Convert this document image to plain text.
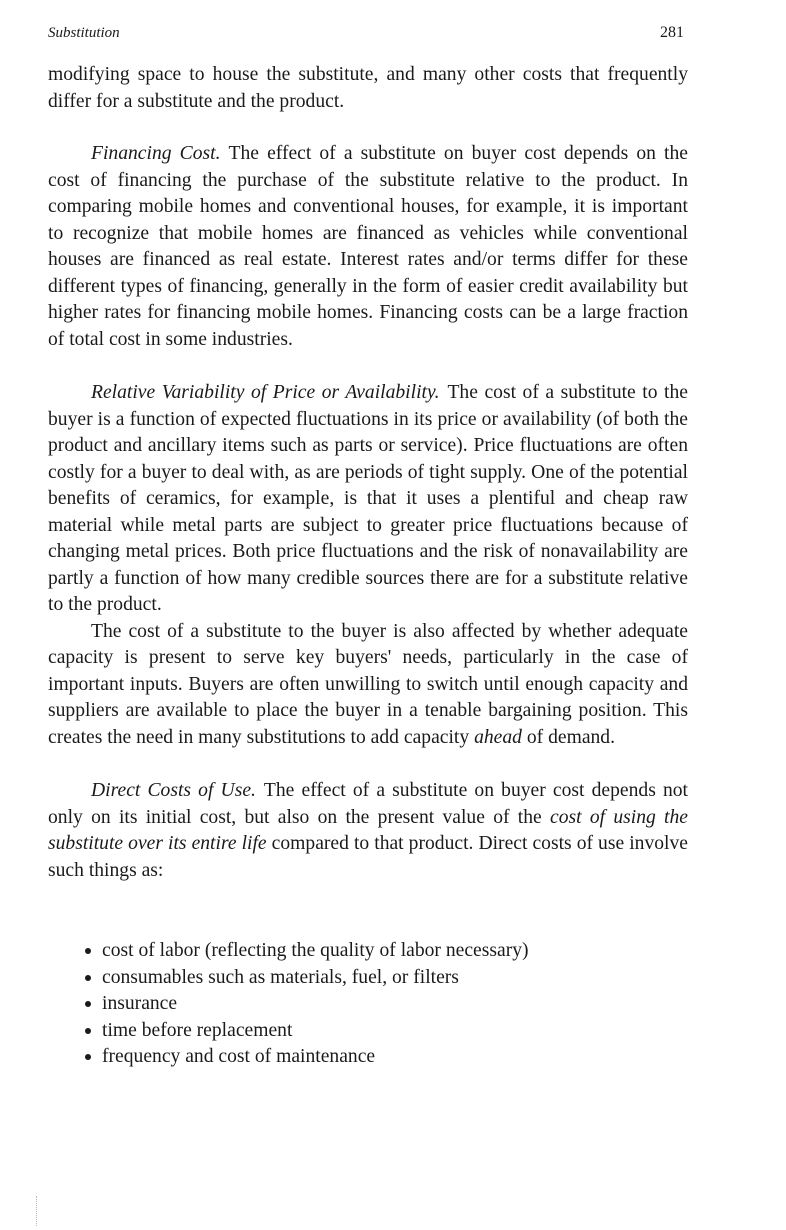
Substitution	281

modifying space to house the substitute, and many other costs that frequently differ for a substitute and the product.

Financing Cost. The effect of a substitute on buyer cost depends on the cost of financing the purchase of the substitute relative to the product. In comparing mobile homes and conventional houses, for example, it is important to recognize that mobile homes are financed as vehicles while conventional houses are financed as real estate. Interest rates and/or terms differ for these different types of financing, generally in the form of easier credit availability but higher rates for financing mobile homes. Financing costs can be a large fraction of total cost in some industries.

Relative Variability of Price or Availability. The cost of a substitute to the buyer is a function of expected fluctuations in its price or availability (of both the product and ancillary items such as parts or service). Price fluctuations are often costly for a buyer to deal with, as are periods of tight supply. One of the potential benefits of ceramics, for example, is that it uses a plentiful and cheap raw material while metal parts are subject to greater price fluctuations because of changing metal prices. Both price fluctuations and the risk of nonavailability are partly a function of how many credible sources there are for a substitute relative to the product.

The cost of a substitute to the buyer is also affected by whether adequate capacity is present to serve key buyers' needs, particularly in the case of important inputs. Buyers are often unwilling to switch until enough capacity and suppliers are available to place the buyer in a tenable bargaining position. This creates the need in many substitutions to add capacity ahead of demand.

Direct Costs of Use. The effect of a substitute on buyer cost depends not only on its initial cost, but also on the present value of the cost of using the substitute over its entire life compared to that product. Direct costs of use involve such things as:

cost of labor (reflecting the quality of labor necessary)
consumables such as materials, fuel, or filters
insurance
time before replacement
frequency and cost of maintenance
